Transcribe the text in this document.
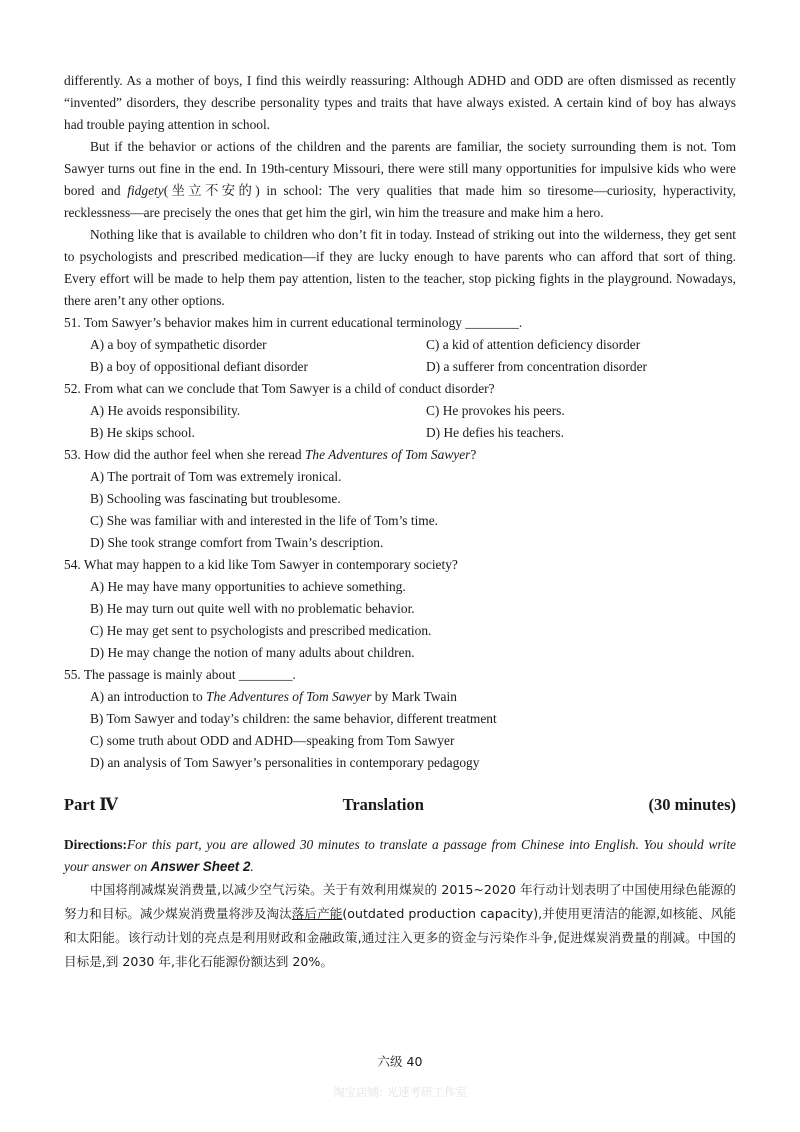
differently. As a mother of boys, I find this weirdly reassuring: Although ADHD and ODD are often dismissed as recently “invented” disorders, they describe personality types and traits that have always existed. A certain kind of boy has always had trouble paying attention in school.

But if the behavior or actions of the children and the parents are familiar, the society surrounding them is not. Tom Sawyer turns out fine in the end. In 19th-century Missouri, there were still many opportunities for impulsive kids who were bored and fidgety(坐立不安的) in school: The very qualities that made him so tiresome—curiosity, hyperactivity, recklessness—are precisely the ones that get him the girl, win him the treasure and make him a hero.

Nothing like that is available to children who don’t fit in today. Instead of striking out into the wilderness, they get sent to psychologists and prescribed medication—if they are lucky enough to have parents who can afford that sort of thing. Every effort will be made to help them pay attention, listen to the teacher, stop picking fights in the playground. Nowadays, there aren’t any other options.

51. Tom Sawyer’s behavior makes him in current educational terminology ________.

A) a boy of sympathetic disorder	C) a kid of attention deficiency disorder
B) a boy of oppositional defiant disorder	D) a sufferer from concentration disorder

52. From what can we conclude that Tom Sawyer is a child of conduct disorder?

A) He avoids responsibility.	C) He provokes his peers.
B) He skips school.	D) He defies his teachers.

53. How did the author feel when she reread The Adventures of Tom Sawyer?

A) The portrait of Tom was extremely ironical.
B) Schooling was fascinating but troublesome.
C) She was familiar with and interested in the life of Tom’s time.
D) She took strange comfort from Twain’s description.

54. What may happen to a kid like Tom Sawyer in contemporary society?

A) He may have many opportunities to achieve something.
B) He may turn out quite well with no problematic behavior.
C) He may get sent to psychologists and prescribed medication.
D) He may change the notion of many adults about children.

55. The passage is mainly about ________.

A) an introduction to The Adventures of Tom Sawyer by Mark Twain
B) Tom Sawyer and today’s children: the same behavior, different treatment
C) some truth about ODD and ADHD—speaking from Tom Sawyer
D) an analysis of Tom Sawyer’s personalities in contemporary pedagogy
Part Ⅳ	Translation	(30 minutes)
Directions:For this part, you are allowed 30 minutes to translate a passage from Chinese into English. You should write your answer on Answer Sheet 2.

中国将削减煤炭消费量,以减少空气污染。关于有效利用煤炭的 2015~2020 年行动计划表明了中国使用绿色能源的努力和目标。减少煤炭消费量将涉及淘汰落后产能(outdated production capacity),并使用更清洁的能源,如核能、风能和太阳能。该行动计划的亮点是利用财政和金融政策,通过注入更多的资金与污染作斗争,促进煤炭消费量的削减。中国的目标是,到 2030 年,非化石能源份额达到 20%。

六级 40
淘宝店铺: 光速考研工作室
